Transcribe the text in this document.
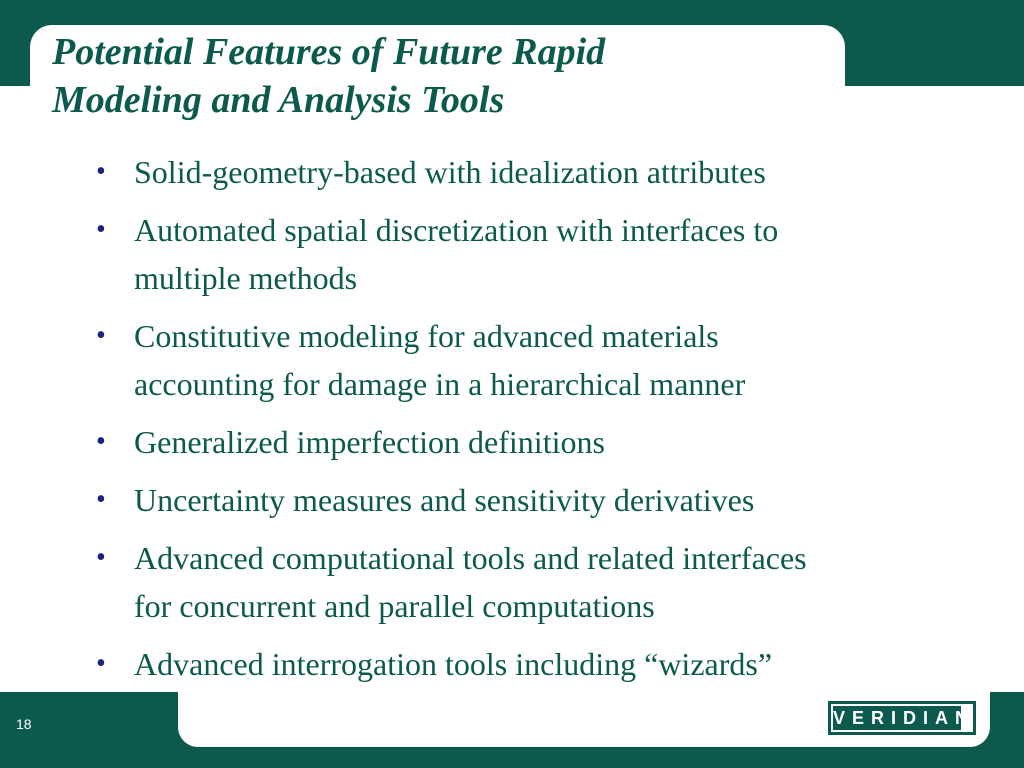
Potential Features of Future Rapid
Modeling and Analysis Tools
• Solid-geometry-based with idealization attributes
• Automated spatial discretization with interfaces to
multiple methods
• Constitutive modeling for advanced materials
accounting for damage in a hierarchical manner
• Generalized imperfection definitions
• Uncertainty measures and sensitivity derivatives
• Advanced computational tools and related interfaces
for concurrent and parallel computations
• Advanced interrogation tools including “wizards”
18	VERIDIAN
